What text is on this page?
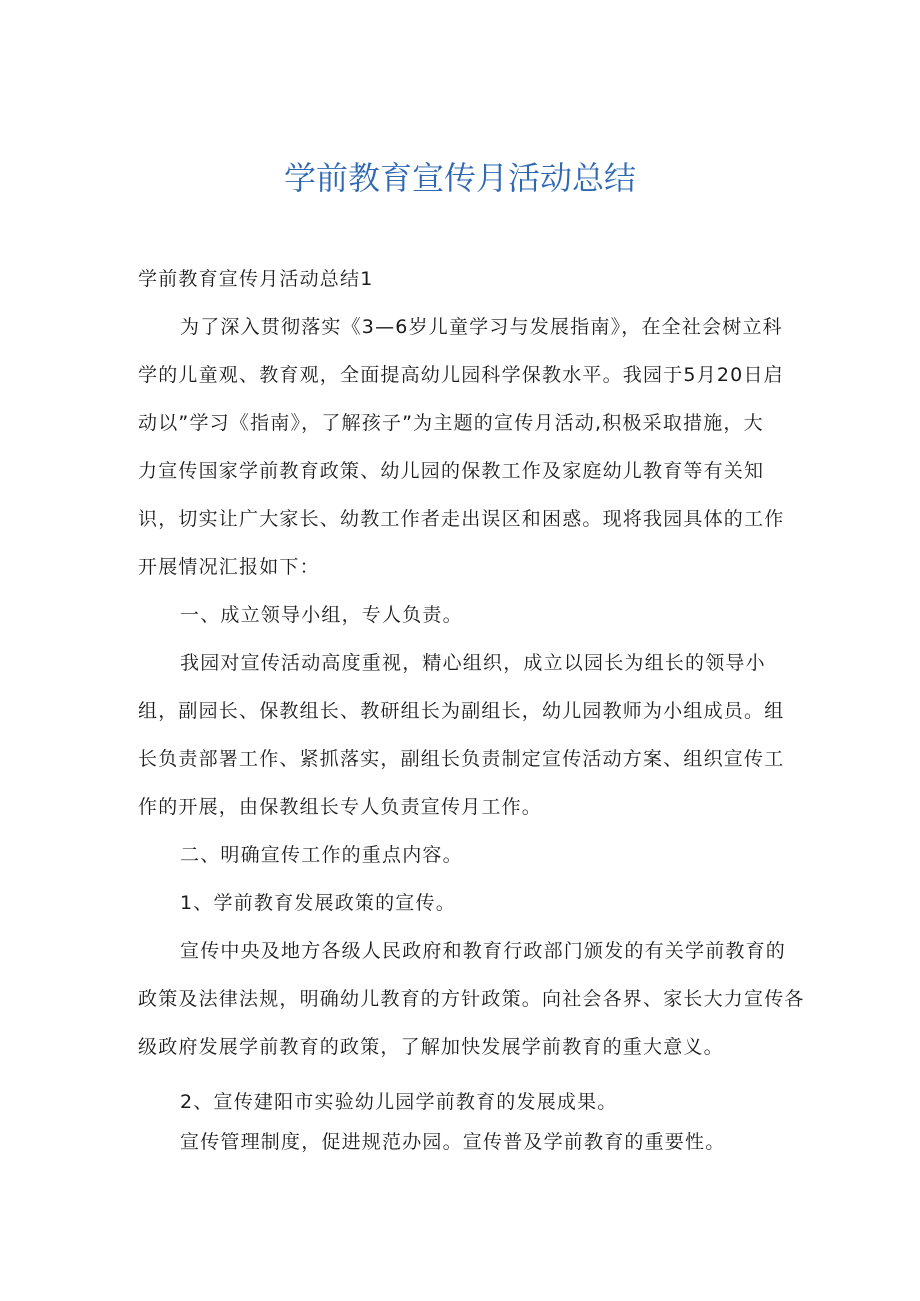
学前教育宣传月活动总结
学前教育宣传月活动总结1
为了深入贯彻落实《3—6岁儿童学习与发展指南》，在全社会树立科
学的儿童观、教育观，全面提高幼儿园科学保教水平。我园于5月20日启
动以”学习《指南》，了解孩子”为主题的宣传月活动,积极采取措施，大
力宣传国家学前教育政策、幼儿园的保教工作及家庭幼儿教育等有关知
识，切实让广大家长、幼教工作者走出误区和困惑。现将我园具体的工作
开展情况汇报如下：
一、成立领导小组，专人负责。
我园对宣传活动高度重视，精心组织，成立以园长为组长的领导小
组，副园长、保教组长、教研组长为副组长，幼儿园教师为小组成员。组
长负责部署工作、紧抓落实，副组长负责制定宣传活动方案、组织宣传工
作的开展，由保教组长专人负责宣传月工作。
二、明确宣传工作的重点内容。
1、学前教育发展政策的宣传。
宣传中央及地方各级人民政府和教育行政部门颁发的有关学前教育的
政策及法律法规，明确幼儿教育的方针政策。向社会各界、家长大力宣传各
级政府发展学前教育的政策，了解加快发展学前教育的重大意义。
2、宣传建阳市实验幼儿园学前教育的发展成果。
宣传管理制度，促进规范办园。宣传普及学前教育的重要性。
